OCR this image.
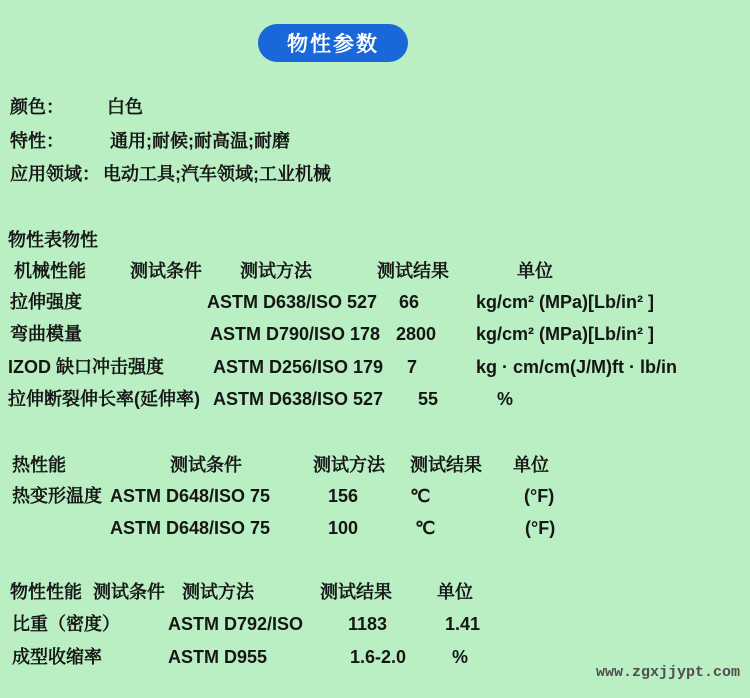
物性参数
颜色： 白色
特性：	通用;耐候;耐高温;耐磨
应用领域： 电动工具;汽车领域;工业机械
物性表物性
机械性能 测试条件 测试方法	测试结果	单位
拉伸强度	ASTM D638/ISO 527 66	kg/cm² (MPa)[Lb/in² ]
弯曲模量	ASTM D790/ISO 178 2800 kg/cm² (MPa)[Lb/in² ]
IZOD 缺口冲击强度	ASTM D256/ISO 179 7	kg · cm/cm(J/M)ft · lb/in
拉伸断裂伸长率(延伸率) ASTM D638/ISO 527 55	%
热性能	测试条件	测试方法 测试结果 单位
热变形温度 ASTM D648/ISO 75	156	℃	(°F)
ASTM D648/ISO 75	100	℃	(°F)
物性性能 测试条件 测试方法	测试结果	单位
比重（密度）	ASTM D792/ISO 1183	1.41
成型收缩率	ASTM D955	1.6-2.0	%
www.zgxjjypt.com
